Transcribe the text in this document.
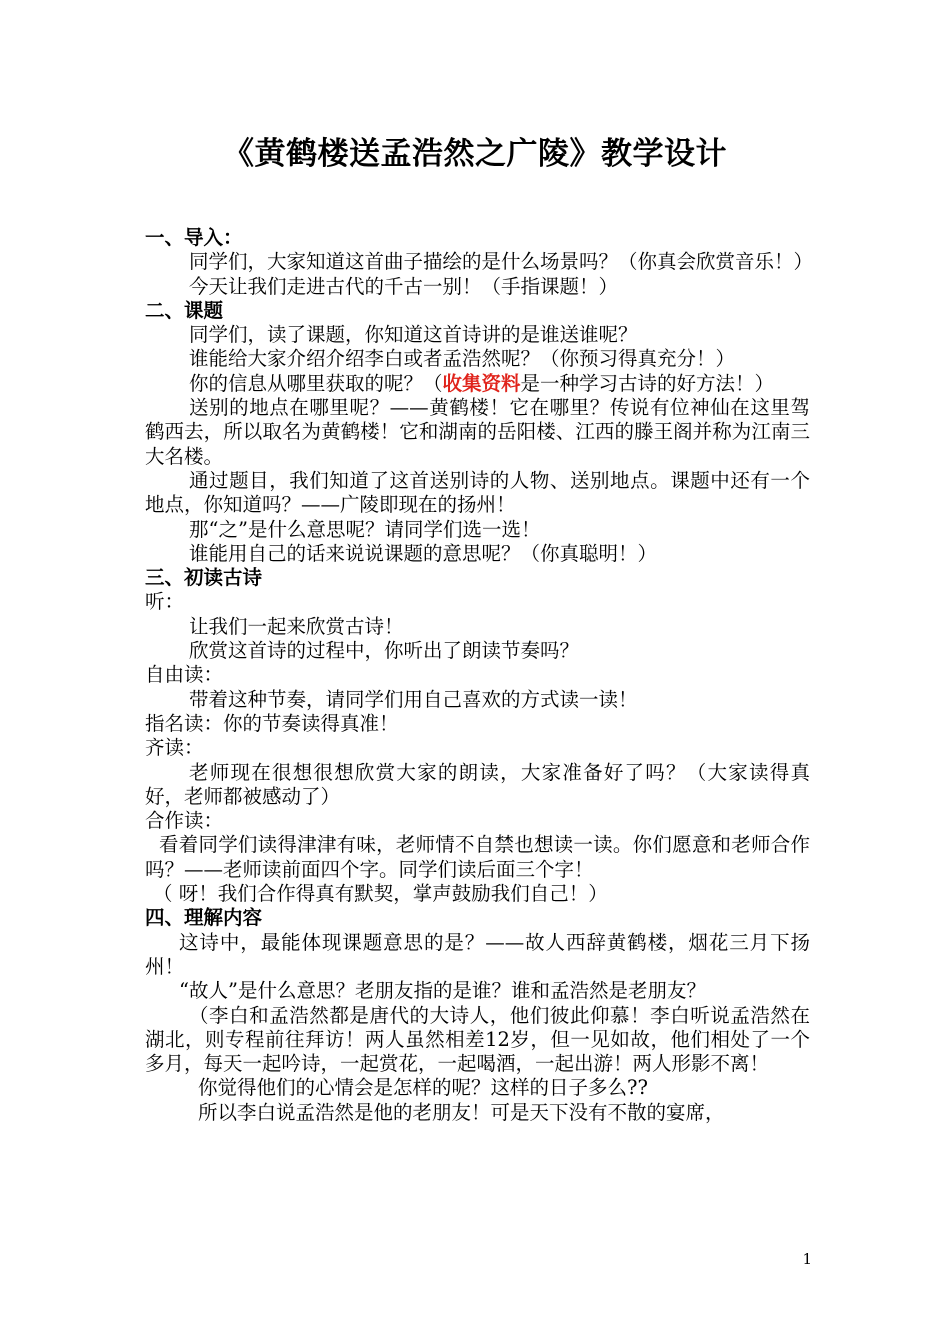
《黄鹤楼送孟浩然之广陵》教学设计

一、导入：

同学们，大家知道这首曲子描绘的是什么场景吗？（你真会欣赏音乐！）

今天让我们走进古代的千古一别！（手指课题！）

二、课题

同学们，读了课题，你知道这首诗讲的是谁送谁呢？

谁能给大家介绍介绍李白或者孟浩然呢？（你预习得真充分！）

你的信息从哪里获取的呢？（收集资料是一种学习古诗的好方法！）

送别的地点在哪里呢？——黄鹤楼！它在哪里？传说有位神仙在这里驾鹤西去，所以取名为黄鹤楼！它和湖南的岳阳楼、江西的滕王阁并称为江南三大名楼。

通过题目，我们知道了这首送别诗的人物、送别地点。课题中还有一个地点，你知道吗？——广陵即现在的扬州！

那“之”是什么意思呢？请同学们选一选！

谁能用自己的话来说说课题的意思呢？（你真聪明！）

三、初读古诗

听：

让我们一起来欣赏古诗！

欣赏这首诗的过程中，你听出了朗读节奏吗？

自由读：

带着这种节奏，请同学们用自己喜欢的方式读一读！

指名读：你的节奏读得真准！

齐读：

老师现在很想很想欣赏大家的朗读，大家准备好了吗？（大家读得真好，老师都被感动了）

合作读：

看着同学们读得津津有味，老师情不自禁也想读一读。你们愿意和老师合作吗？——老师读前面四个字。同学们读后面三个字！

（ 呀！我们合作得真有默契，掌声鼓励我们自己！）

四、理解内容

这诗中，最能体现课题意思的是？——故人西辞黄鹤楼，烟花三月下扬州！

“故人”是什么意思？老朋友指的是谁？谁和孟浩然是老朋友？

（李白和孟浩然都是唐代的大诗人，他们彼此仰慕！李白听说孟浩然在湖北，则专程前往拜访！两人虽然相差12岁，但一见如故，他们相处了一个多月，每天一起吟诗，一起赏花，一起喝酒，一起出游！两人形影不离！

你觉得他们的心情会是怎样的呢？这样的日子多么??

所以李白说孟浩然是他的老朋友！可是天下没有不散的宴席，

1
